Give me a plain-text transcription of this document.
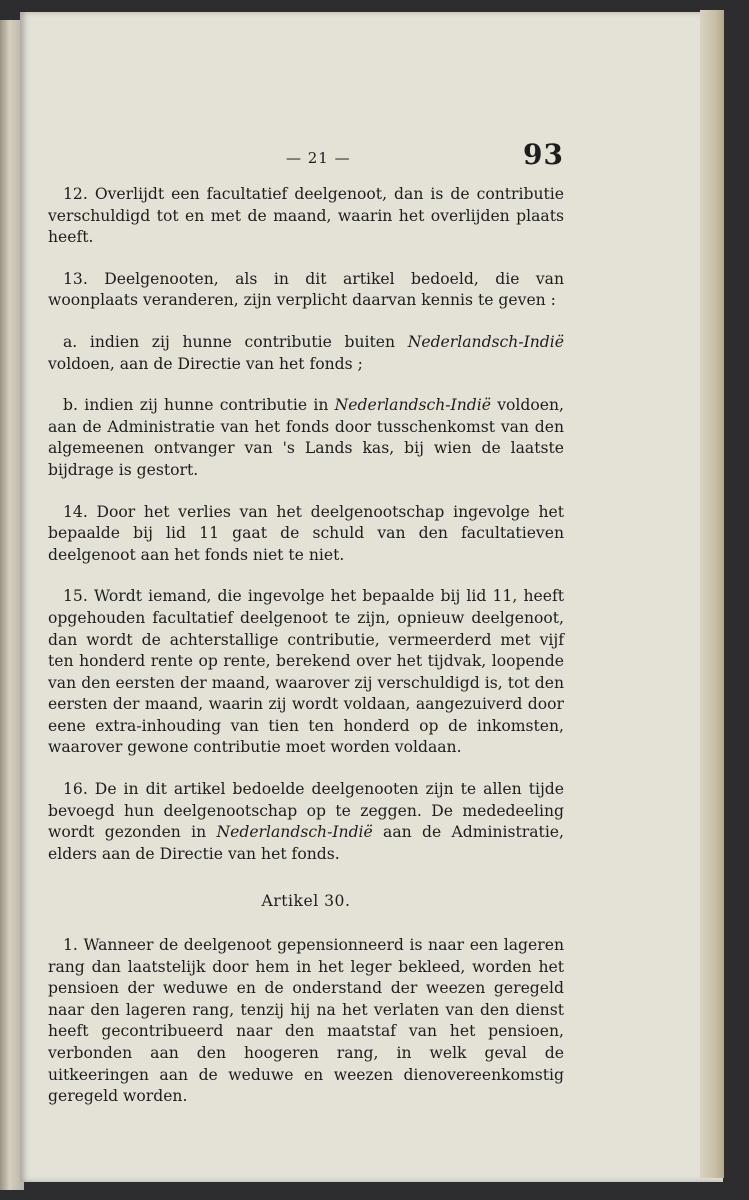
— 21 —	93

12. Overlijdt een facultatief deelgenoot, dan is de contributie verschuldigd tot en met de maand, waarin het overlijden plaats heeft.

13. Deelgenooten, als in dit artikel bedoeld, die van woonplaats veranderen, zijn verplicht daarvan kennis te geven :

a. indien zij hunne contributie buiten Nederlandsch-Indië voldoen, aan de Directie van het fonds ;

b. indien zij hunne contributie in Nederlandsch-Indië voldoen, aan de Administratie van het fonds door tusschenkomst van den algemeenen ontvanger van 's Lands kas, bij wien de laatste bijdrage is gestort.

14. Door het verlies van het deelgenootschap ingevolge het bepaalde bij lid 11 gaat de schuld van den facultatieven deelgenoot aan het fonds niet te niet.

15. Wordt iemand, die ingevolge het bepaalde bij lid 11, heeft opgehouden facultatief deelgenoot te zijn, opnieuw deelgenoot, dan wordt de achterstallige contributie, vermeerderd met vijf ten honderd rente op rente, berekend over het tijdvak, loopende van den eersten der maand, waarover zij verschuldigd is, tot den eersten der maand, waarin zij wordt voldaan, aangezuiverd door eene extra-inhouding van tien ten honderd op de inkomsten, waarover gewone contributie moet worden voldaan.

16. De in dit artikel bedoelde deelgenooten zijn te allen tijde bevoegd hun deelgenootschap op te zeggen. De mededeeling wordt gezonden in Nederlandsch-Indië aan de Administratie, elders aan de Directie van het fonds.

Artikel 30.

1. Wanneer de deelgenoot gepensionneerd is naar een lageren rang dan laatstelijk door hem in het leger bekleed, worden het pensioen der weduwe en de onderstand der weezen geregeld naar den lageren rang, tenzij hij na het verlaten van den dienst heeft gecontribueerd naar den maatstaf van het pensioen, verbonden aan den hoogeren rang, in welk geval de uitkeeringen aan de weduwe en weezen dienovereenkomstig geregeld worden.
